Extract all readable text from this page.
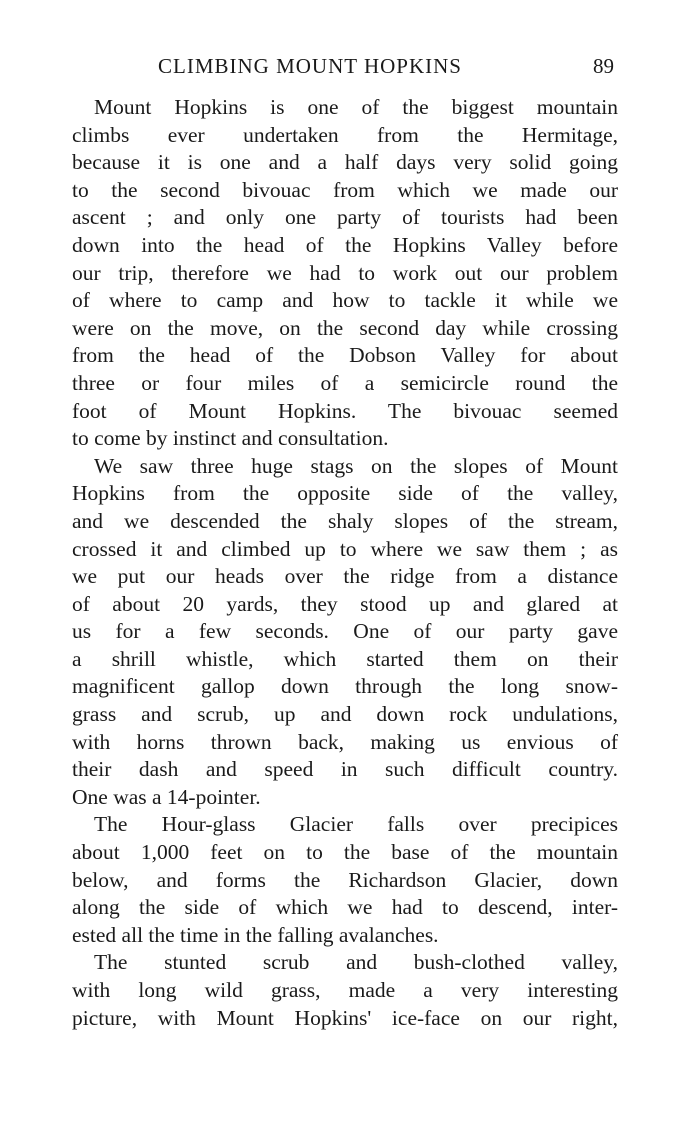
CLIMBING MOUNT HOPKINS	89
Mount Hopkins is one of the biggest mountain
climbs ever undertaken from the Hermitage,
because it is one and a half days very solid going
to the second bivouac from which we made our
ascent ; and only one party of tourists had been
down into the head of the Hopkins Valley before
our trip, therefore we had to work out our problem
of where to camp and how to tackle it while we
were on the move, on the second day while crossing
from the head of the Dobson Valley for about
three or four miles of a semicircle round the
foot of Mount Hopkins. The bivouac seemed
to come by instinct and consultation.
We saw three huge stags on the slopes of Mount
Hopkins from the opposite side of the valley,
and we descended the shaly slopes of the stream,
crossed it and climbed up to where we saw them ; as
we put our heads over the ridge from a distance
of about 20 yards, they stood up and glared at
us for a few seconds. One of our party gave
a shrill whistle, which started them on their
magnificent gallop down through the long snow-
grass and scrub, up and down rock undulations,
with horns thrown back, making us envious of
their dash and speed in such difficult country.
One was a 14-pointer.
The Hour-glass Glacier falls over precipices
about 1,000 feet on to the base of the mountain
below, and forms the Richardson Glacier, down
along the side of which we had to descend, inter-
ested all the time in the falling avalanches.
The stunted scrub and bush-clothed valley,
with long wild grass, made a very interesting
picture, with Mount Hopkins' ice-face on our right,
